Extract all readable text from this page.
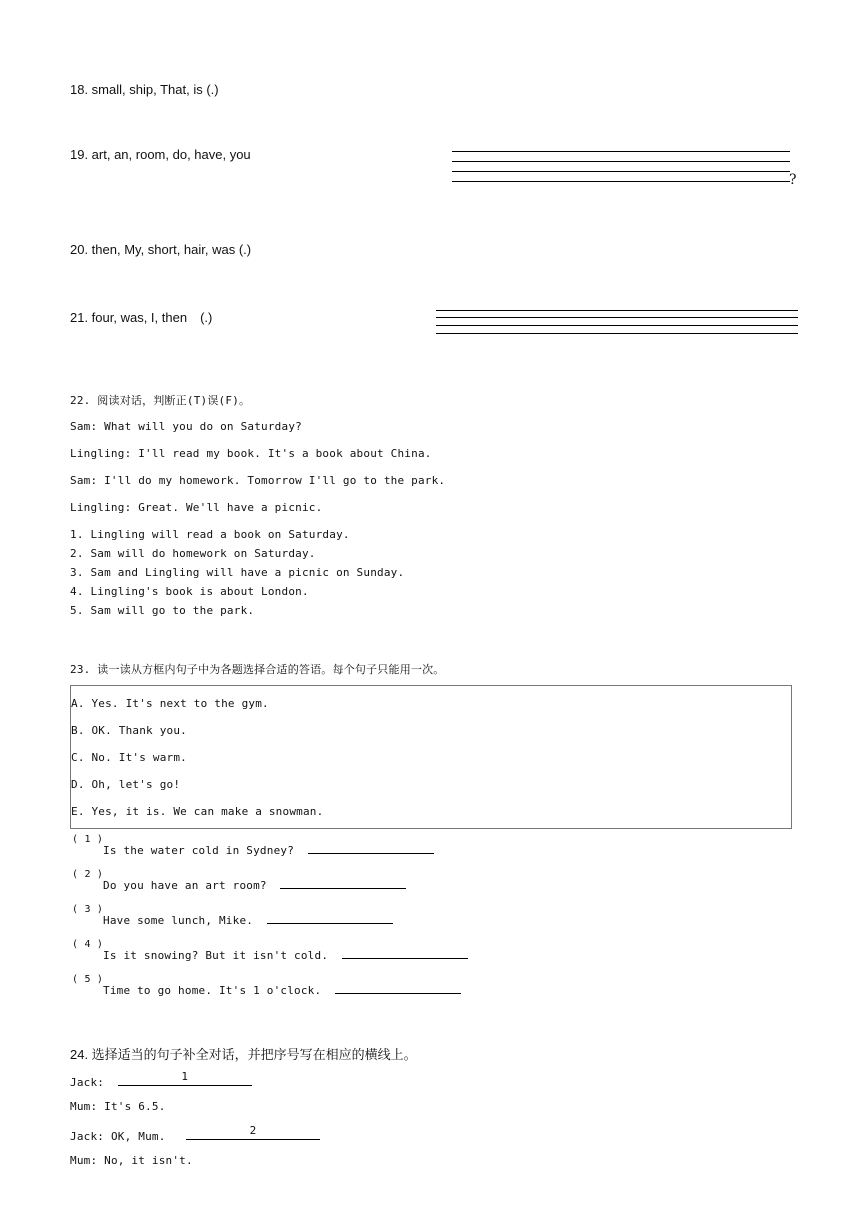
18. small, ship, That, is (.)
19. art, an, room, do, have, you
?
20. then, My, short, hair, was (.)
21. four, was, I, then　(.)
22. 阅读对话，判断正(T)误(F)。
Sam: What will you do on Saturday?
Lingling: I'll read my book. It's a book about China.
Sam: I'll do my homework. Tomorrow I'll go to the park.
Lingling: Great. We'll have a picnic.
1. Lingling will read a book on Saturday.
2. Sam will do homework on Saturday.
3. Sam and Lingling will have a picnic on Sunday.
4. Lingling's book is about London.
5. Sam will go to the park.
23. 读一读从方框内句子中为各题选择合适的答语。每个句子只能用一次。
A. Yes. It's next to the gym.
B. OK. Thank you.
C. No. It's warm.
D. Oh, let's go!
E. Yes, it is. We can make a snowman.
( 1 )
Is the water cold in Sydney?
( 2 )
Do you have an art room?
( 3 )
Have some lunch, Mike.
( 4 )
Is it snowing? But it isn't cold.
( 5 )
Time to go home. It's 1 o'clock.
24. 选择适当的句子补全对话，并把序号写在相应的横线上。
Jack:	1
Mum: It's 6.5.
Jack: OK, Mum.	2
Mum: No, it isn't.
